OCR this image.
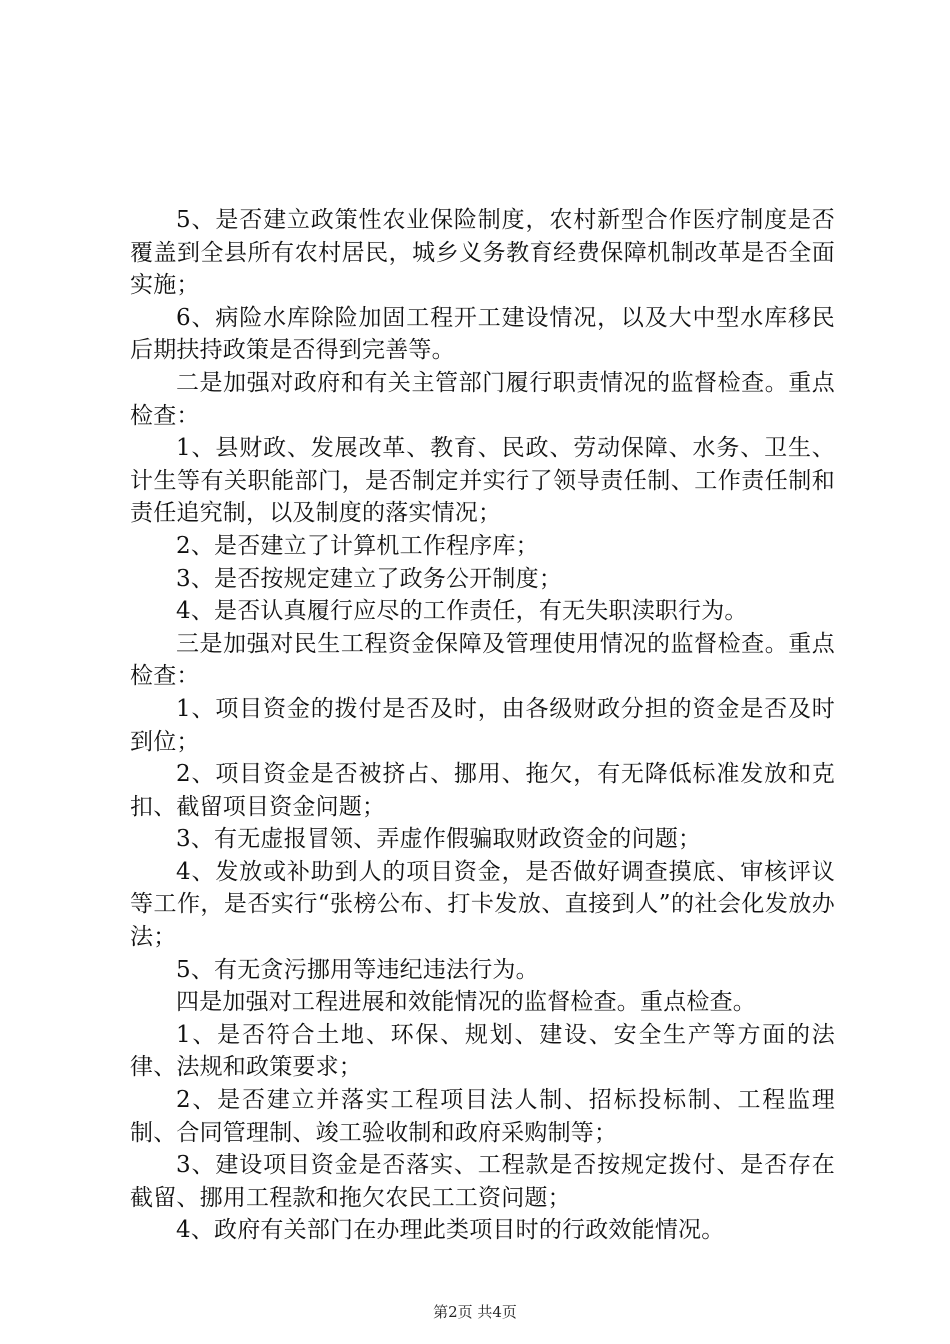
5、是否建立政策性农业保险制度，农村新型合作医疗制度是否覆盖到全县所有农村居民，城乡义务教育经费保障机制改革是否全面实施；

6、病险水库除险加固工程开工建设情况，以及大中型水库移民后期扶持政策是否得到完善等。

二是加强对政府和有关主管部门履行职责情况的监督检查。重点检查：

1、县财政、发展改革、教育、民政、劳动保障、水务、卫生、计生等有关职能部门，是否制定并实行了领导责任制、工作责任制和责任追究制，以及制度的落实情况；

2、是否建立了计算机工作程序库；

3、是否按规定建立了政务公开制度；

4、是否认真履行应尽的工作责任，有无失职渎职行为。

三是加强对民生工程资金保障及管理使用情况的监督检查。重点检查：

1、项目资金的拨付是否及时，由各级财政分担的资金是否及时到位；

2、项目资金是否被挤占、挪用、拖欠，有无降低标准发放和克扣、截留项目资金问题；

3、有无虚报冒领、弄虚作假骗取财政资金的问题；

4、发放或补助到人的项目资金，是否做好调查摸底、审核评议等工作，是否实行“张榜公布、打卡发放、直接到人”的社会化发放办法；

5、有无贪污挪用等违纪违法行为。

四是加强对工程进展和效能情况的监督检查。重点检查。

1、是否符合土地、环保、规划、建设、安全生产等方面的法律、法规和政策要求；

2、是否建立并落实工程项目法人制、招标投标制、工程监理制、合同管理制、竣工验收制和政府采购制等；

3、建设项目资金是否落实、工程款是否按规定拨付、是否存在截留、挪用工程款和拖欠农民工工资问题；

4、政府有关部门在办理此类项目时的行政效能情况。

第2页 共4页
